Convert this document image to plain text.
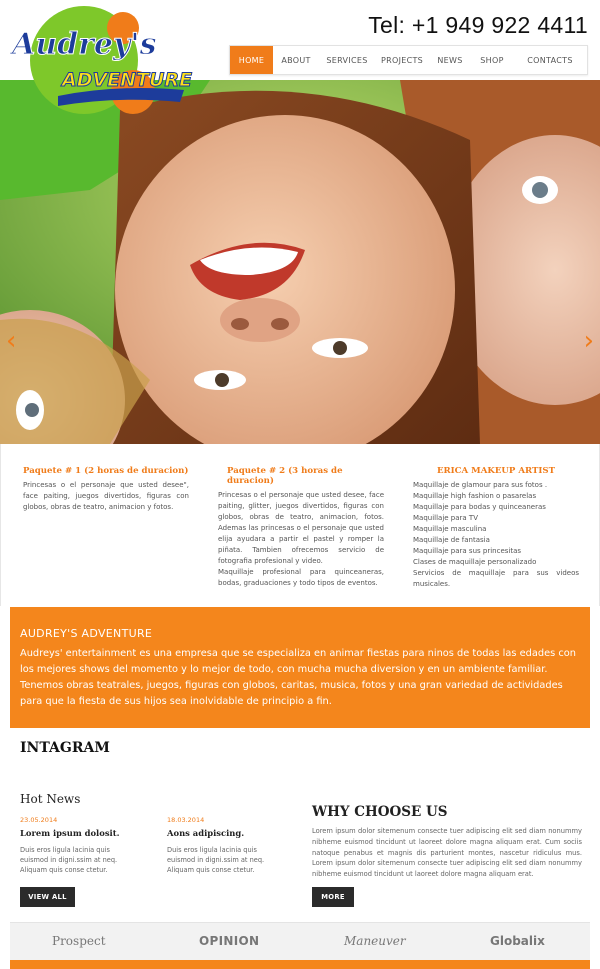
Tel: +1 949 922 4411
HOME	ABOUT	SERVICES	PROJECTS	NEWS	SHOP	CONTACTS
‹	›
Audrey's
ADVENTURE
Paquete # 1 (2 horas de duracion)

Princesas o el personaje que usted desee", face paiting, juegos divertidos, figuras con globos, obras de teatro, animacion y fotos.

Paquete # 2 (3 horas de duracion)

Princesas o el personaje que usted desee, face paiting, glitter, juegos divertidos, figuras con globos, obras de teatro, animacion, fotos. Ademas las princesas o el personaje que usted elija ayudara a partir el pastel y romper la piñata. Tambien ofrecemos servicio de fotografia profesional y video.
Maquillaje profesional para quinceaneras, bodas, graduaciones y todo tipos de eventos.

ERICA MAKEUP ARTIST

Maquillaje de glamour para sus fotos .
Maquillaje high fashion o pasarelas
Maquillaje para bodas y quinceaneras
Maquillaje para TV
Maquillaje masculina
Maquillaje de fantasia
Maquillaje para sus princesitas
Clases de maquillaje personalizado
Servicios de maquillaje para sus videos musicales.

AUDREY'S ADVENTURE

Audreys' entertainment es una empresa que se especializa en animar fiestas para ninos de todas las edades con los mejores shows del momento y lo mejor de todo, con mucha mucha diversion y en un ambiente familiar.
Tenemos obras teatrales, juegos, figuras con globos, caritas, musica, fotos y una gran variedad de actividades para que la fiesta de sus hijos sea inolvidable de principio a fin.

INTAGRAM
Hot News
23.05.2014
Lorem ipsum dolosit.
Duis eros ligula lacinia quis euismod in digni.ssim at neq. Aliquam quis conse ctetur.
18.03.2014
Aons adipiscing.
Duis eros ligula lacinia quis euismod in digni.ssim at neq. Aliquam quis conse ctetur.
VIEW ALL
WHY CHOOSE US
Lorem ipsum dolor sitemenum consecte tuer adipiscing elit sed diam nonummy nibheme euismod tincidunt ut laoreet dolore magna aliquam erat. Cum sociis natoque penabus et magnis dis parturient montes, nascetur ridiculus mus. Lorem ipsum dolor sitemenum consecte tuer adipiscing elit sed diam nonummy nibheme euismod tincidunt ut laoreet dolore magna aliquam erat.
MORE
Prospect	OPINION	Maneuver	Globalix
